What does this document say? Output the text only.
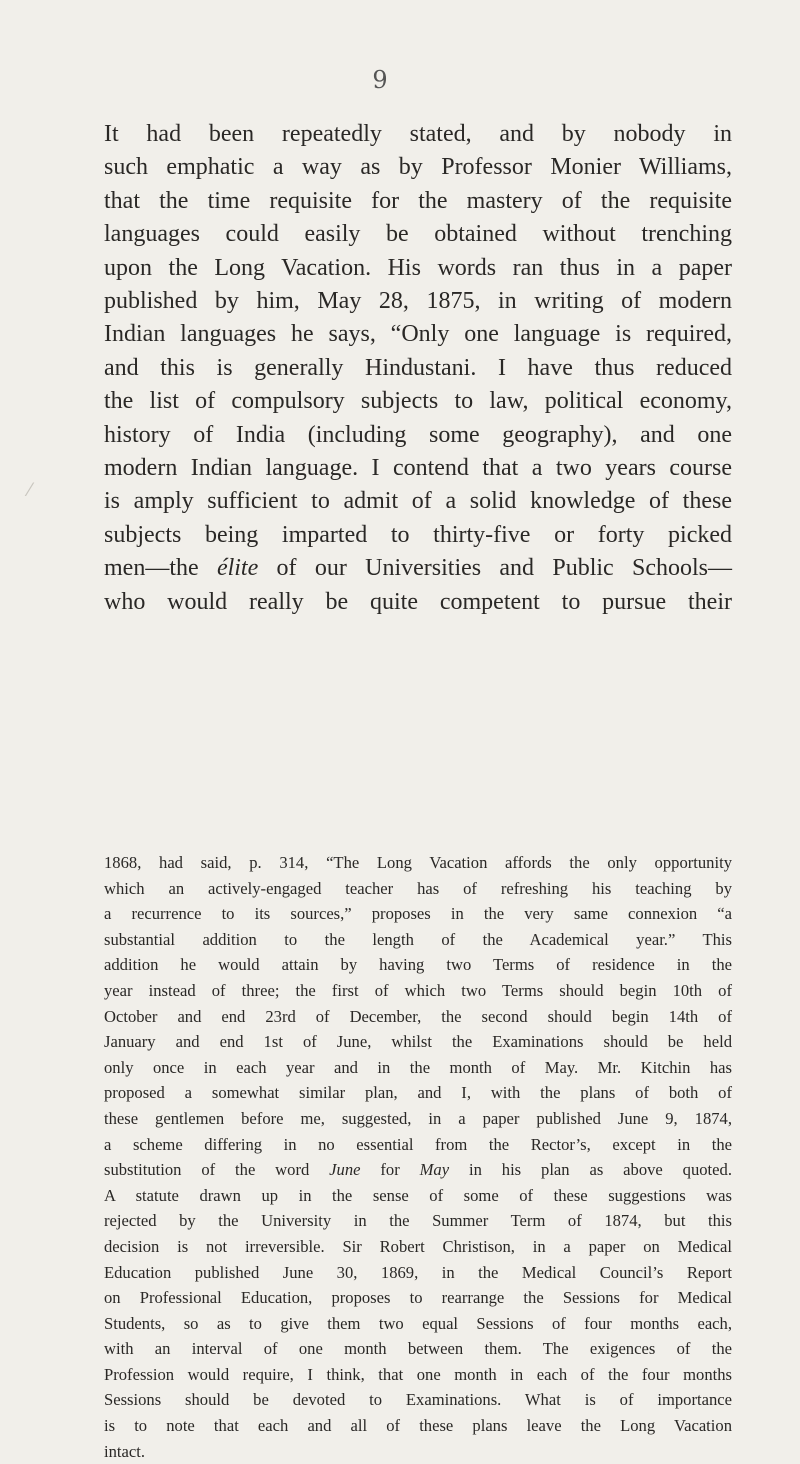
9
⁄
It had been repeatedly stated, and by nobody in
such emphatic a way as by Professor Monier Williams,
that the time requisite for the mastery of the requisite
languages could easily be obtained without trenching
upon the Long Vacation. His words ran thus in a paper
published by him, May 28, 1875, in writing of modern
Indian languages he says, “Only one language is required,
and this is generally Hindustani. I have thus reduced
the list of compulsory subjects to law, political economy,
history of India (including some geography), and one
modern Indian language. I contend that a two years course
is amply sufficient to admit of a solid knowledge of these
subjects being imparted to thirty-five or forty picked
men—the élite of our Universities and Public Schools—
who would really be quite competent to pursue their
1868, had said, p. 314, “The Long Vacation affords the only opportunity
which an actively-engaged teacher has of refreshing his teaching by
a recurrence to its sources,” proposes in the very same connexion “a
substantial addition to the length of the Academical year.” This
addition he would attain by having two Terms of residence in the
year instead of three; the first of which two Terms should begin 10th of
October and end 23rd of December, the second should begin 14th of
January and end 1st of June, whilst the Examinations should be held
only once in each year and in the month of May. Mr. Kitchin has
proposed a somewhat similar plan, and I, with the plans of both of
these gentlemen before me, suggested, in a paper published June 9, 1874,
a scheme differing in no essential from the Rector’s, except in the
substitution of the word June for May in his plan as above quoted.
A statute drawn up in the sense of some of these suggestions was
rejected by the University in the Summer Term of 1874, but this
decision is not irreversible. Sir Robert Christison, in a paper on Medical
Education published June 30, 1869, in the Medical Council’s Report
on Professional Education, proposes to rearrange the Sessions for Medical
Students, so as to give them two equal Sessions of four months each,
with an interval of one month between them. The exigences of the
Profession would require, I think, that one month in each of the four months
Sessions should be devoted to Examinations. What is of importance
is to note that each and all of these plans leave the Long Vacation
intact.
